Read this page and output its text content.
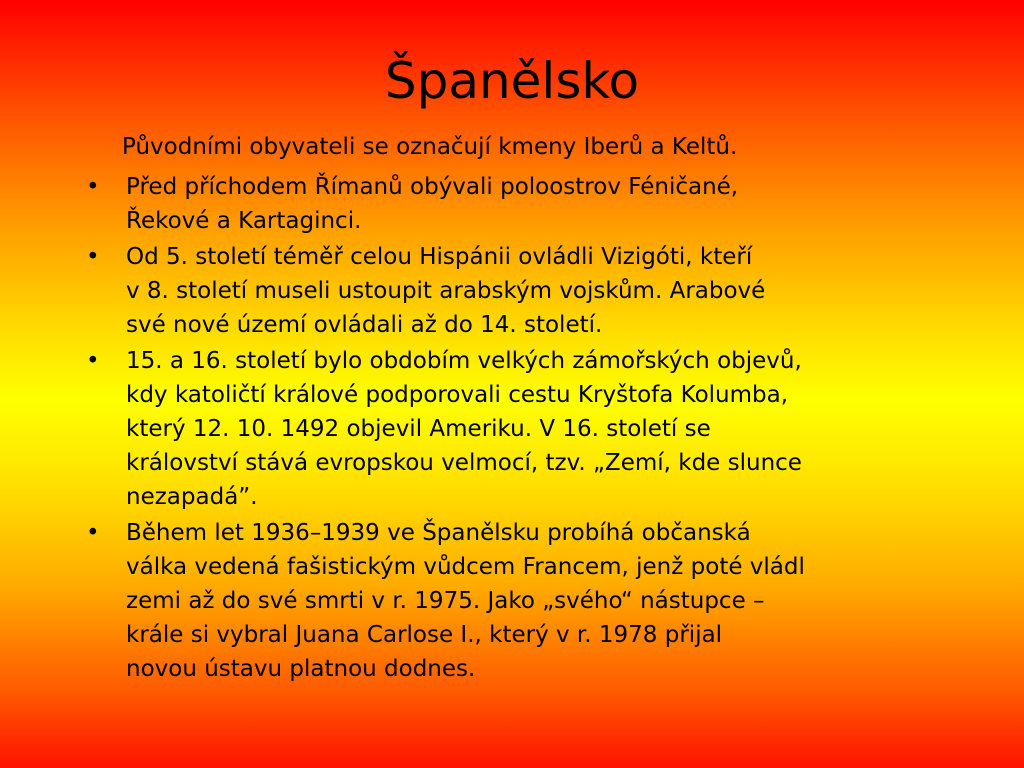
Španělsko
Původními obyvateli se označují kmeny Iberů a Keltů.
• Před příchodem Římanů obývali poloostrov Féničané,
Řekové a Kartaginci.
• Od 5. století téměř celou Hispánii ovládli Vizigóti, kteří
v 8. století museli ustoupit arabským vojskům. Arabové
své nové území ovládali až do 14. století.
• 15. a 16. století bylo obdobím velkých zámořských objevů,
kdy katoličtí králové podporovali cestu Kryštofa Kolumba,
který 12. 10. 1492 objevil Ameriku. V 16. století se
království stává evropskou velmocí, tzv. „Zemí, kde slunce
nezapadá”.
• Během let 1936–1939 ve Španělsku probíhá občanská
válka vedená fašistickým vůdcem Francem, jenž poté vládl
zemi až do své smrti v r. 1975. Jako „svého“ nástupce –
krále si vybral Juana Carlose I., který v r. 1978 přijal
novou ústavu platnou dodnes.
